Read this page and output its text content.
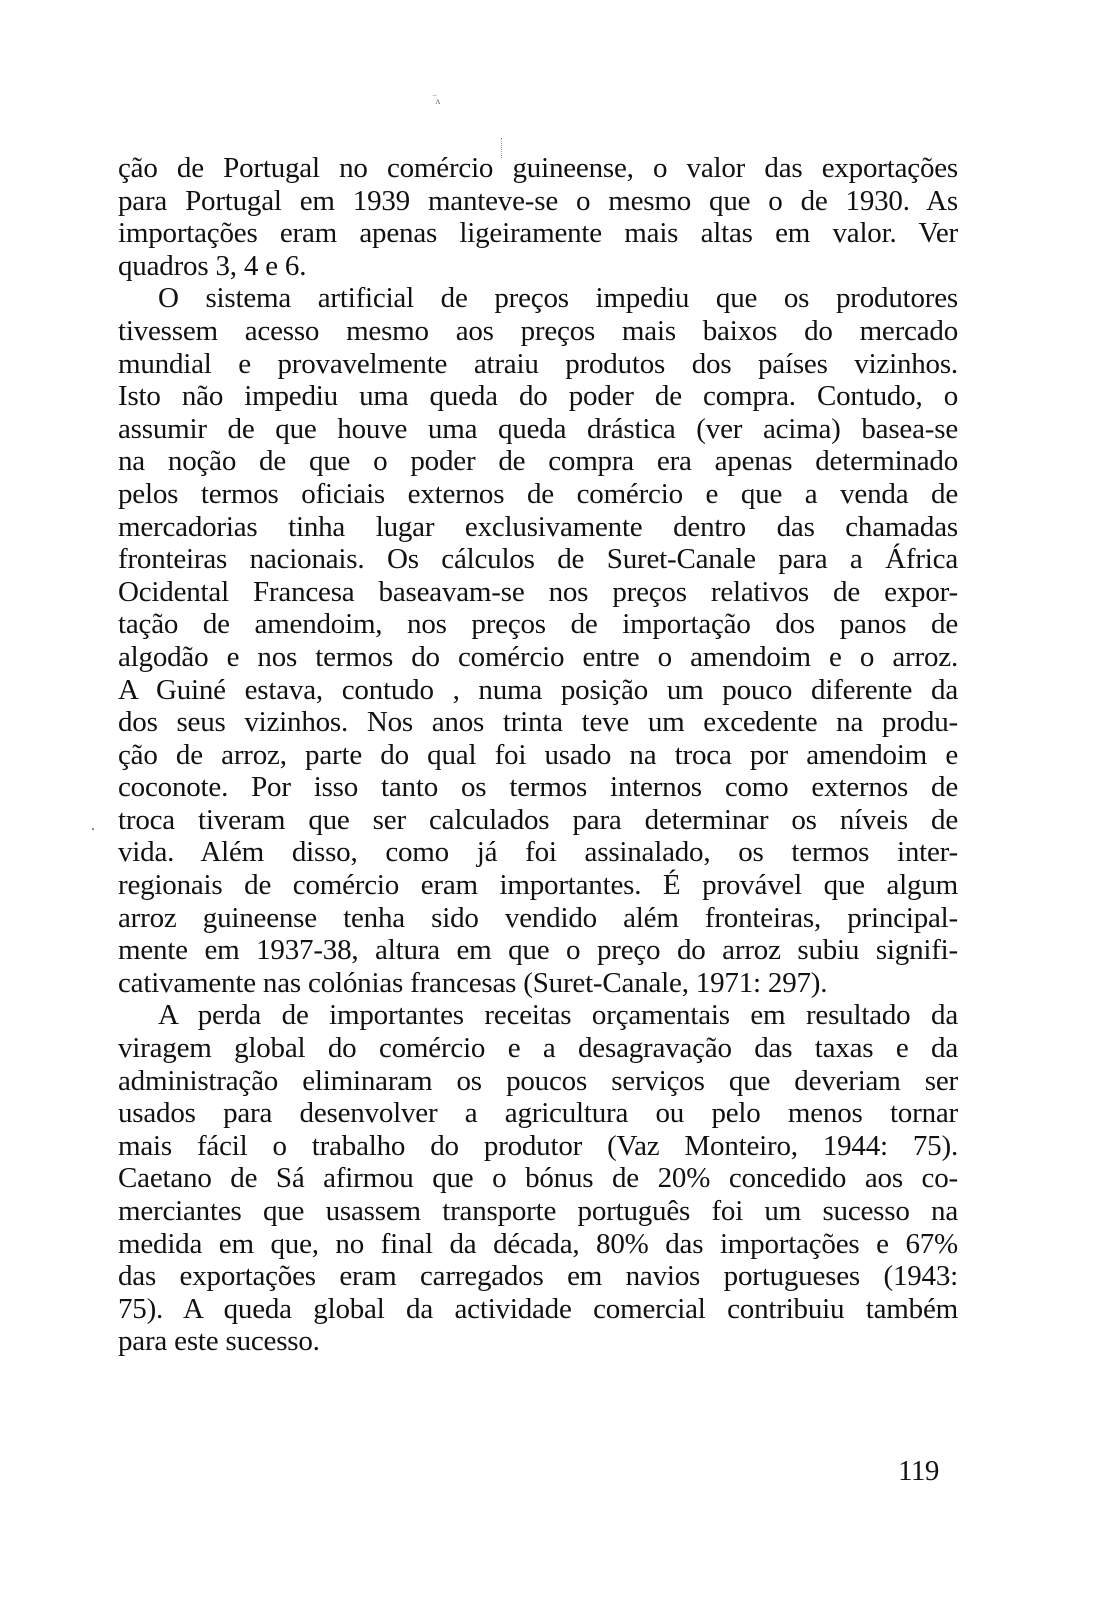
‾ᴧ
ção de Portugal no comércio guineense, o valor das exportações
para Portugal em 1939 manteve-se o mesmo que o de 1930. As
importações eram apenas ligeiramente mais altas em valor. Ver
quadros 3, 4 e 6.
O sistema artificial de preços impediu que os produtores
tivessem acesso mesmo aos preços mais baixos do mercado
mundial e provavelmente atraiu produtos dos países vizinhos.
Isto não impediu uma queda do poder de compra. Contudo, o
assumir de que houve uma queda drástica (ver acima) basea-se
na noção de que o poder de compra era apenas determinado
pelos termos oficiais externos de comércio e que a venda de
mercadorias tinha lugar exclusivamente dentro das chamadas
fronteiras nacionais. Os cálculos de Suret-Canale para a África
Ocidental Francesa baseavam-se nos preços relativos de expor-
tação de amendoim, nos preços de importação dos panos de
algodão e nos termos do comércio entre o amendoim e o arroz.
A Guiné estava, contudo , numa posição um pouco diferente da
dos seus vizinhos. Nos anos trinta teve um excedente na produ-
ção de arroz, parte do qual foi usado na troca por amendoim e
coconote. Por isso tanto os termos internos como externos de
troca tiveram que ser calculados para determinar os níveis de
vida. Além disso, como já foi assinalado, os termos inter-
regionais de comércio eram importantes. É provável que algum
arroz guineense tenha sido vendido além fronteiras, principal-
mente em 1937-38, altura em que o preço do arroz subiu signifi-
cativamente nas colónias francesas (Suret-Canale, 1971: 297).
A perda de importantes receitas orçamentais em resultado da
viragem global do comércio e a desagravação das taxas e da
administração eliminaram os poucos serviços que deveriam ser
usados para desenvolver a agricultura ou pelo menos tornar
mais fácil o trabalho do produtor (Vaz Monteiro, 1944: 75).
Caetano de Sá afirmou que o bónus de 20% concedido aos co-
merciantes que usassem transporte português foi um sucesso na
medida em que, no final da década, 80% das importações e 67%
das exportações eram carregados em navios portugueses (1943:
75). A queda global da actividade comercial contribuiu também
para este sucesso.
119
